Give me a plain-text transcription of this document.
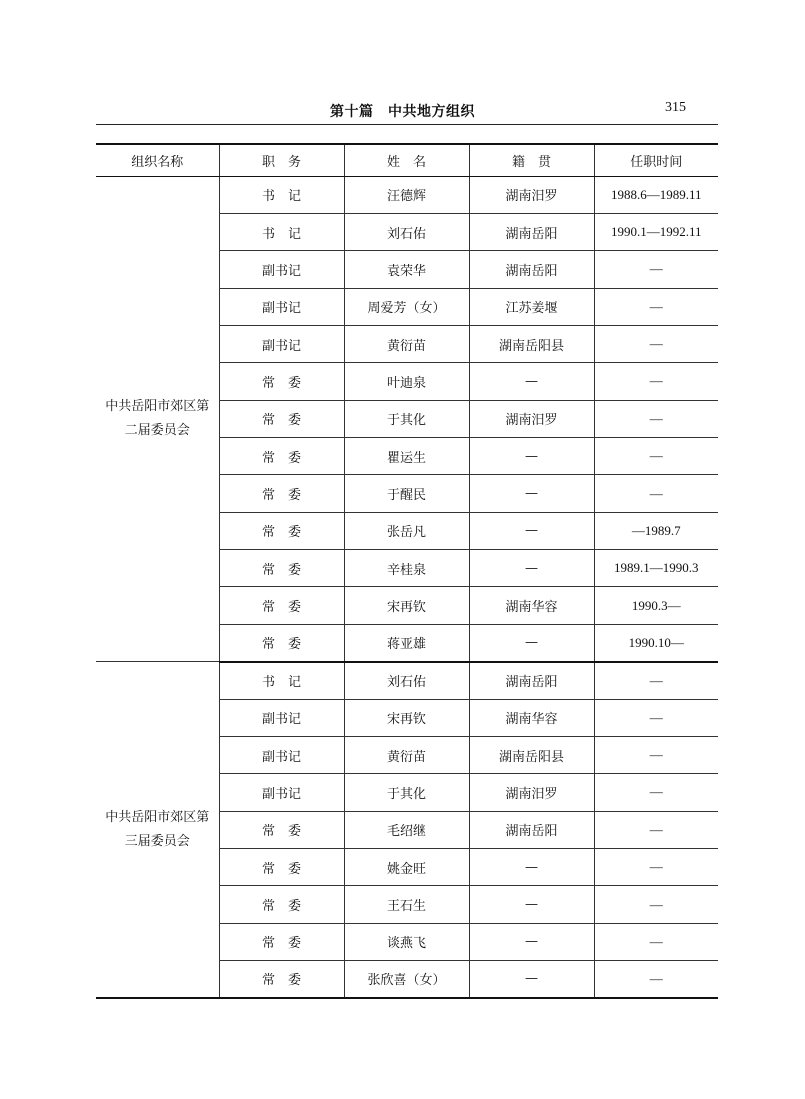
第十篇　中共地方组织	315
组织名称	职　务	姓　名	籍　贯	任职时间
中共岳阳市郊区第二届委员会	书　记	汪德辉	湖南汨罗	1988.6—1989.11
	书　记	刘石佑	湖南岳阳	1990.1—1992.11
	副书记	袁荣华	湖南岳阳	—
	副书记	周爱芳（女）	江苏姜堰	—
	副书记	黄衍苗	湖南岳阳县	—
	常　委	叶迪泉	—	—
	常　委	于其化	湖南汨罗	—
	常　委	瞿运生	—	—
	常　委	于醒民	—	—
	常　委	张岳凡	—	—1989.7
	常　委	辛桂泉	—	1989.1—1990.3
	常　委	宋再钦	湖南华容	1990.3—
	常　委	蒋亚雄	—	1990.10—
中共岳阳市郊区第三届委员会	书　记	刘石佑	湖南岳阳	—
	副书记	宋再钦	湖南华容	—
	副书记	黄衍苗	湖南岳阳县	—
	副书记	于其化	湖南汨罗	—
	常　委	毛绍继	湖南岳阳	—
	常　委	姚金旺	—	—
	常　委	王石生	—	—
	常　委	谈燕飞	—	—
	常　委	张欣喜（女）	—	—
